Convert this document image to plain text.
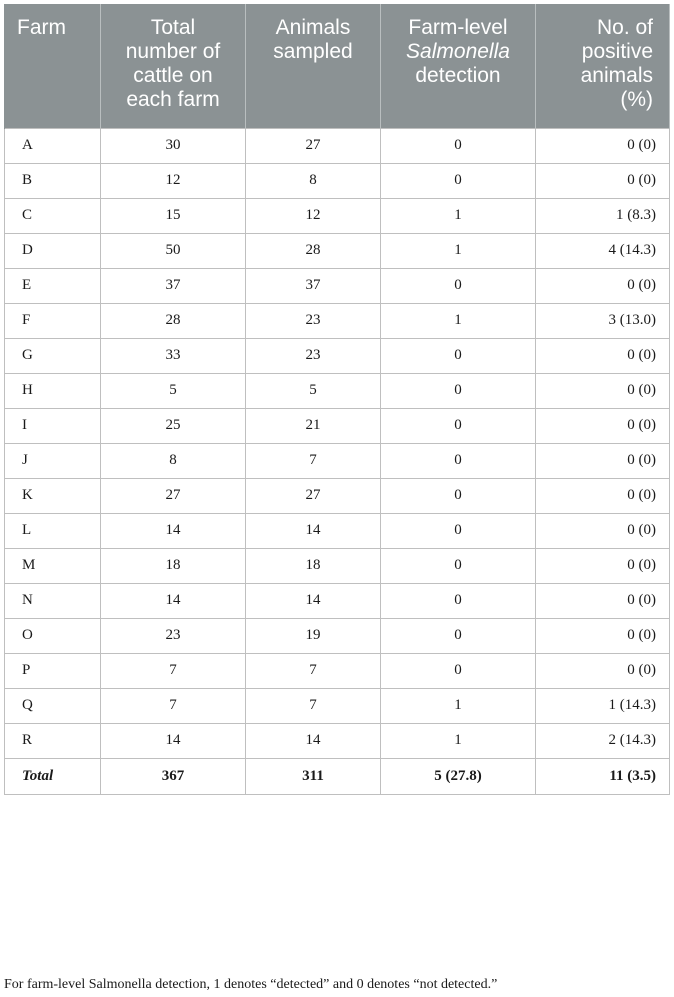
Farm	Total number of cattle on each farm	Animals sampled	Farm-level Salmonella detection	No. of positive animals (%)
A	30	27	0	0 (0)
B	12	8	0	0 (0)
C	15	12	1	1 (8.3)
D	50	28	1	4 (14.3)
E	37	37	0	0 (0)
F	28	23	1	3 (13.0)
G	33	23	0	0 (0)
H	5	5	0	0 (0)
I	25	21	0	0 (0)
J	8	7	0	0 (0)
K	27	27	0	0 (0)
L	14	14	0	0 (0)
M	18	18	0	0 (0)
N	14	14	0	0 (0)
O	23	19	0	0 (0)
P	7	7	0	0 (0)
Q	7	7	1	1 (14.3)
R	14	14	1	2 (14.3)
Total	367	311	5 (27.8)	11 (3.5)

For farm-level Salmonella detection, 1 denotes “detected” and 0 denotes “not detected.”
